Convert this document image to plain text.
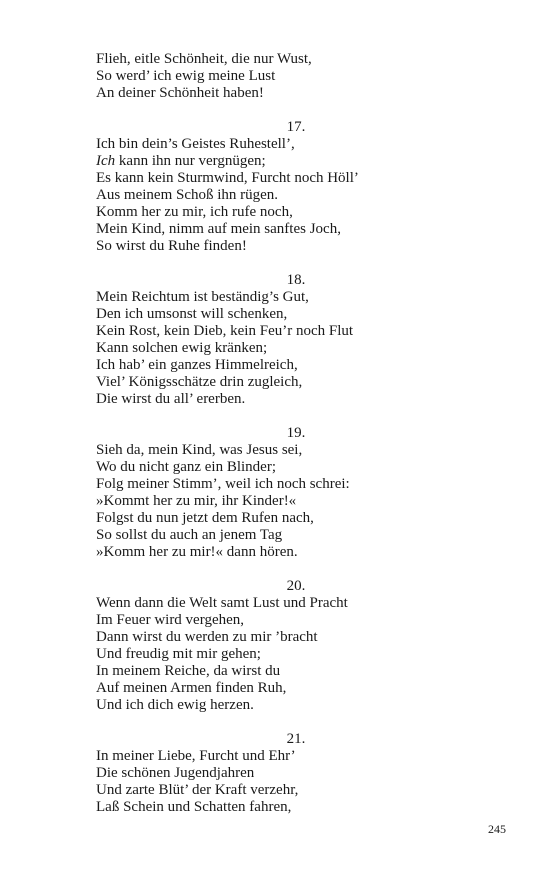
Flieh, eitle Schönheit, die nur Wust,
So werd’ ich ewig meine Lust
An deiner Schönheit haben!
17.
Ich bin dein’s Geistes Ruhestell’,
Ich kann ihn nur vergnügen;
Es kann kein Sturmwind, Furcht noch Höll’
Aus meinem Schoß ihn rügen.
Komm her zu mir, ich rufe noch,
Mein Kind, nimm auf mein sanftes Joch,
So wirst du Ruhe finden!
18.
Mein Reichtum ist beständig’s Gut,
Den ich umsonst will schenken,
Kein Rost, kein Dieb, kein Feu’r noch Flut
Kann solchen ewig kränken;
Ich hab’ ein ganzes Himmelreich,
Viel’ Königsschätze drin zugleich,
Die wirst du all’ ererben.
19.
Sieh da, mein Kind, was Jesus sei,
Wo du nicht ganz ein Blinder;
Folg meiner Stimm’, weil ich noch schrei:
»Kommt her zu mir, ihr Kinder!«
Folgst du nun jetzt dem Rufen nach,
So sollst du auch an jenem Tag
»Komm her zu mir!« dann hören.
20.
Wenn dann die Welt samt Lust und Pracht
Im Feuer wird vergehen,
Dann wirst du werden zu mir ’bracht
Und freudig mit mir gehen;
In meinem Reiche, da wirst du
Auf meinen Armen finden Ruh,
Und ich dich ewig herzen.
21.
In meiner Liebe, Furcht und Ehr’
Die schönen Jugendjahren
Und zarte Blüt’ der Kraft verzehr,
Laß Schein und Schatten fahren,
245
